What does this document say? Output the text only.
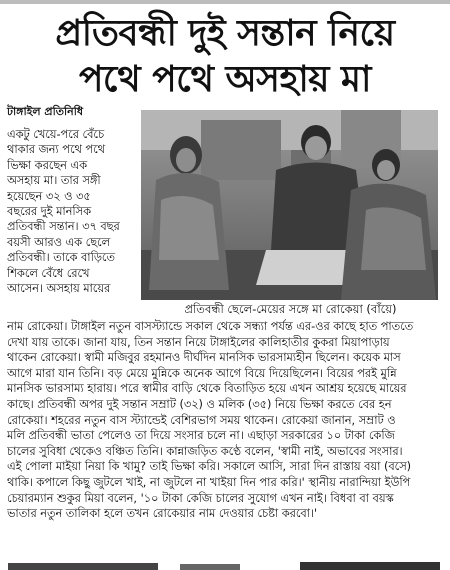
প্রতিবন্ধী দুই সন্তান নিয়ে
পথে পথে অসহায় মা
টাঙ্গাইল প্রতিনিধি
প্রতিবন্ধী ছেলে-মেয়ের সঙ্গে মা রোকেয়া (বাঁয়ে)
একটু খেয়ে-পরে বেঁচে
থাকার জন্য পথে পথে
ভিক্ষা করছেন এক
অসহায় মা। তার সঙ্গী
হয়েছেন ৩২ ও ৩৫
বছরের দুই মানসিক
প্রতিবন্ধী সন্তান। ৩৭ বছর
বয়সী আরও এক ছেলে
প্রতিবন্ধী। তাকে বাড়িতে
শিকলে বেঁধে রেখে
আসেন। অসহায় মায়ের
নাম রোকেয়া। টাঙ্গাইল নতুন বাসস্ট্যান্ডে সকাল থেকে সন্ধ্যা পর্যন্ত এর-ওর কাছে হাত পাততে
দেখা যায় তাকে। জানা যায়, তিন সন্তান নিয়ে টাঙ্গাইলের কালিহাতীর কুকরা মিয়াপাড়ায়
থাকেন রোকেয়া। স্বামী মজিবুর রহমানও দীর্ঘদিন মানসিক ভারসাম্যহীন ছিলেন। কয়েক মাস
আগে মারা যান তিনি। বড় মেয়ে মুন্নিকে অনেক আগে বিয়ে দিয়েছিলেন। বিয়ের পরই মুন্নি
মানসিক ভারসাম্য হারায়। পরে স্বামীর বাড়ি থেকে বিতাড়িত হয়ে এখন আশ্রয় হয়েছে মায়ের
কাছে। প্রতিবন্ধী অপর দুই সন্তান সম্রাট (৩২) ও মলিক (৩৫) নিয়ে ভিক্ষা করতে বের হন
রোকেয়া। শহরের নতুন বাস স্ট্যান্ডেই বেশিরভাগ সময় থাকেন। রোকেয়া জানান, সম্রাট ও
মলি প্রতিবন্ধী ভাতা পেলেও তা দিয়ে সংসার চলে না। এছাড়া সরকারের ১০ টাকা কেজি
চালের সুবিধা থেকেও বঞ্চিত তিনি। কান্নাজড়িত কণ্ঠে বলেন, 'স্বামী নাই, অভাবের সংসার।
এই পোলা মাইয়া নিয়া কি খামু? তাই ভিক্ষা করি। সকালে আসি, সারা দিন রাস্তায় বয়া (বসে)
থাকি। কপালে কিছু জুটলে খাই, না জুটলে না খাইয়া দিন পার করি।' স্থানীয় নারান্দিয়া ইউপি
চেয়ারম্যান শুকুর মিয়া বলেন, '১০ টাকা কেজি চালের সুযোগ এখন নাই। বিধবা বা বয়স্ক
ভাতার নতুন তালিকা হলে তখন রোকেয়ার নাম দেওয়ার চেষ্টা করবো।'
